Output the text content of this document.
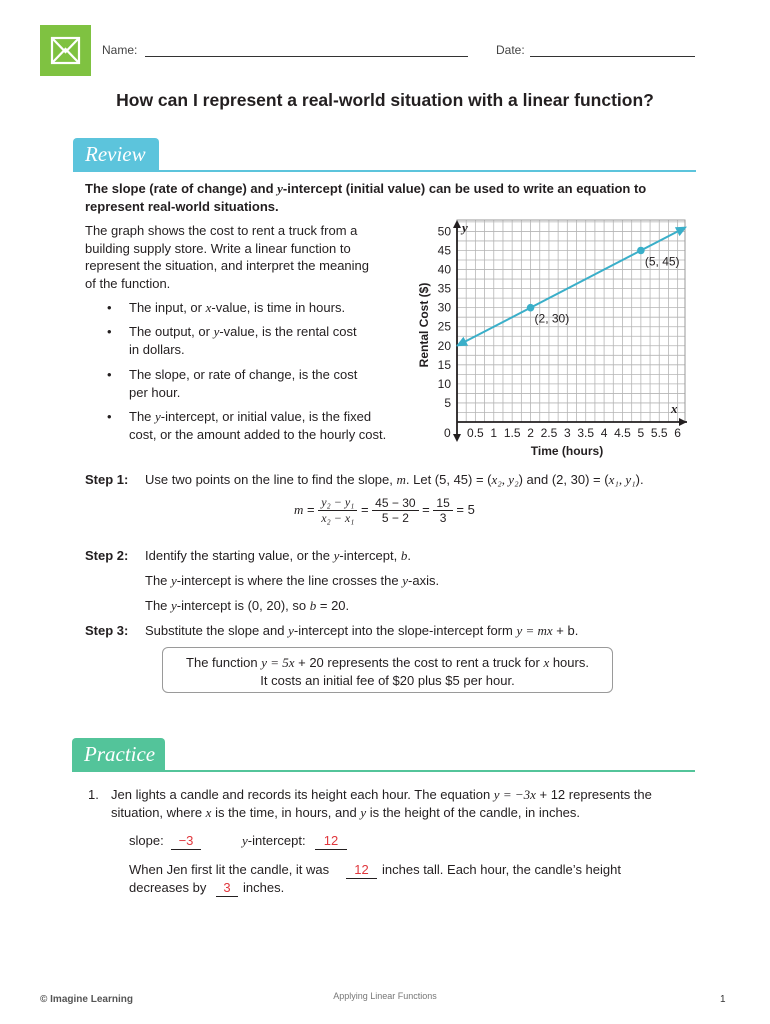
Name:	Date:
How can I represent a real-world situation with a linear function?
Review
The slope (rate of change) and y-intercept (initial value) can be used to write an equation to
represent real-world situations.
The graph shows the cost to rent a truck from a
building supply store. Write a linear function to
represent the situation, and interpret the meaning
of the function.
• The input, or x-value, is time in hours.
• The output, or y-value, is the rental cost
in dollars.
• The slope, or rate of change, is the cost
per hour.
• The y-intercept, or initial value, is the fixed
cost, or the amount added to the hourly cost.	0.5 1 1.5 2 2.5 3 3.5 4 4.5 5 5.5 6
5
10
15
20
25
30
35
40
45
50
(2, 30)
(5, 45)
Rental Cost ($)
Time (hours)
x
y
0
Step 1: Use two points on the line to find the slope, m. Let (5, 45) = (x₂, y₂) and (2, 30) = (x₁, y₁).
$m = \frac{\text{y₂ − y₁}}{\text{x₂ − x₁}} = \frac{45 - 30}{5 - 2} = \frac{15}{3} = 5$
Step 2: Identify the starting value, or the y-intercept, b.
The y-intercept is where the line crosses the y-axis.
The y-intercept is (0, 20), so b = 20.
Step 3: Substitute the slope and y-intercept into the slope-intercept form y = mx + b.
The function y = 5x + 20 represents the cost to rent a truck for x hours.
It costs an initial fee of $20 plus $5 per hour.
Practice
1. Jen lights a candle and records its height each hour. The equation y = −3x + 12 represents the
situation, where x is the time, in hours, and y is the height of the candle, in inches.
slope:	−3	y-intercept:	12
When Jen first lit the candle, it was	12	inches tall. Each hour, the candle’s height
decreases by	3 inches.
© Imagine Learning	Applying Linear Functions	1
